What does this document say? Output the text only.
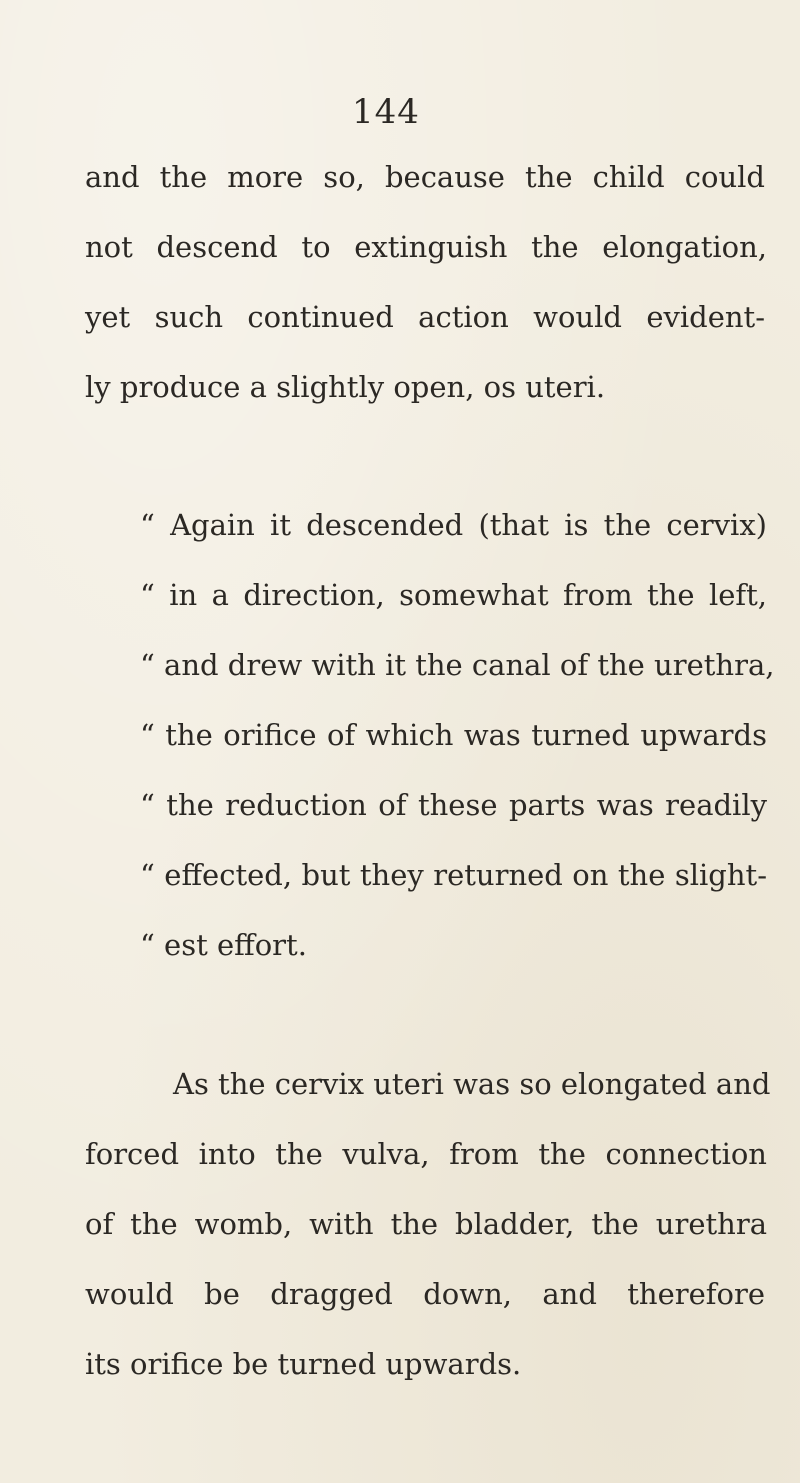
144
and the more so, because the child could
not descend to extinguish the elongation,
yet such continued action would evident-
ly produce a slightly open, os uteri.
“ Again it descended (that is the cervix)
“ in a direction, somewhat from the left,
“ and drew with it the canal of the urethra,
“ the orifice of which was turned upwards
“ the reduction of these parts was readily
“ effected, but they returned on the slight-
“ est effort.
As the cervix uteri was so elongated and
forced into the vulva, from the connection
of the womb, with the bladder, the urethra
would be dragged down, and therefore
its orifice be turned upwards.
